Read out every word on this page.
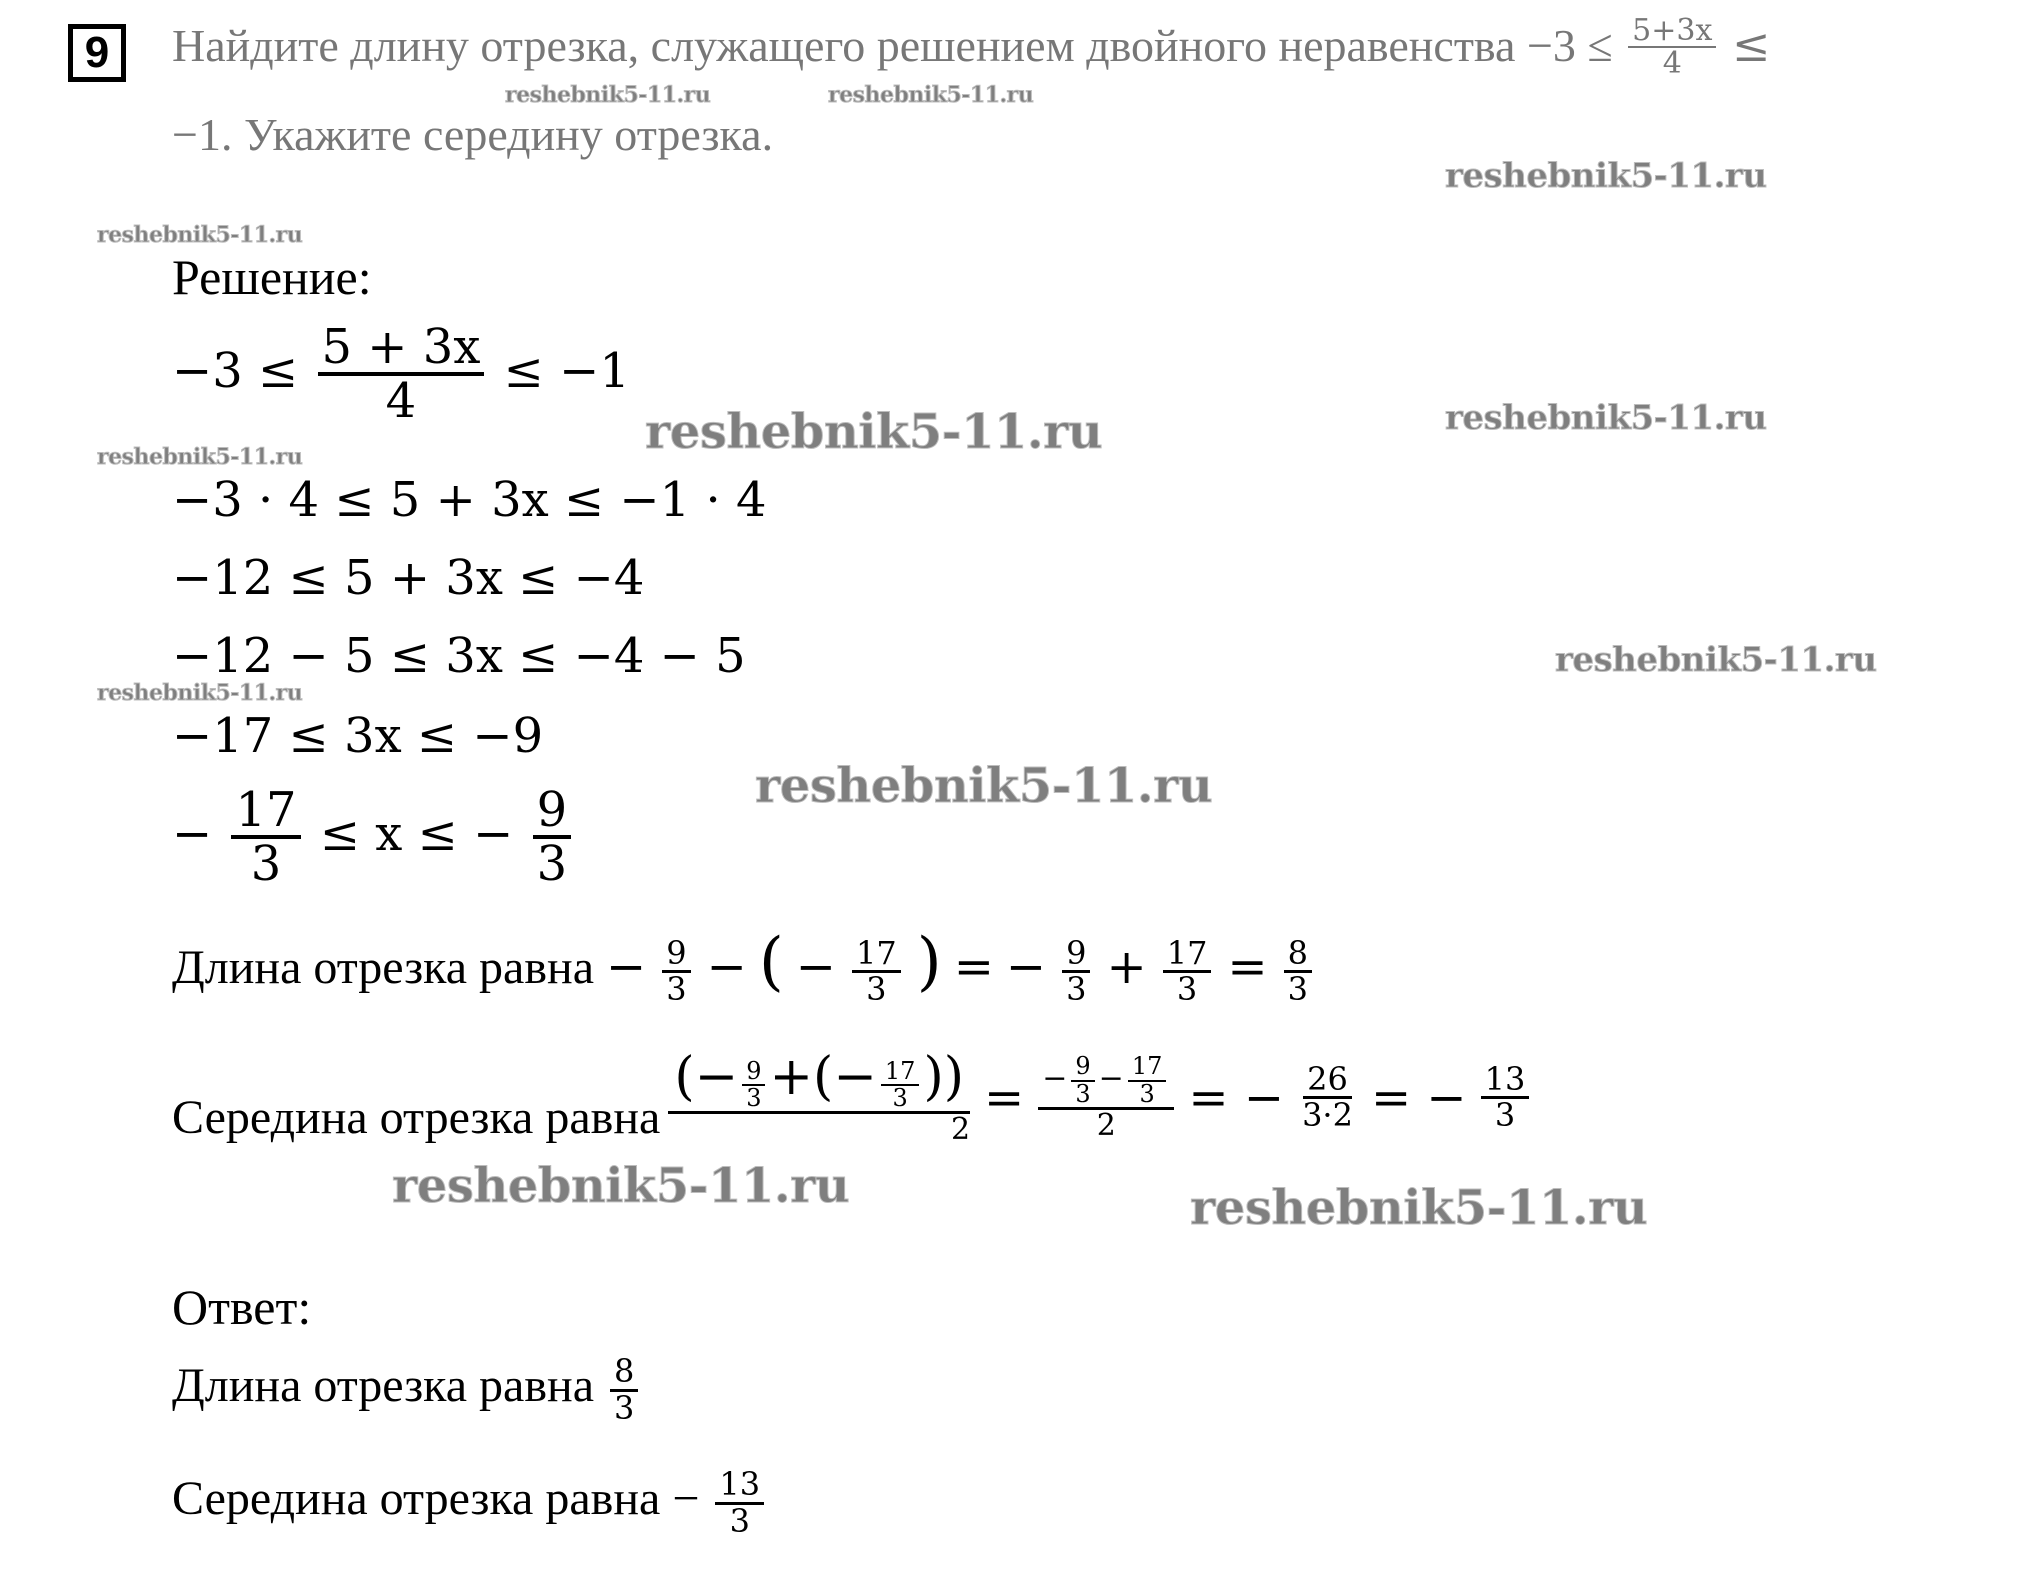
9	Найдите длину отрезка, служащего решением двойного неравенства $-3 \le \frac{5+3x}{4}$ ≤
−1. Укажите середину отрезка.
reshebnik5-11.ru	reshebnik5-11.ru
reshebnik5-11.ru
reshebnik5-11.ru
reshebnik5-11.ru	reshebnik5-11.ru
reshebnik5-11.ru
reshebnik5-11.ru
reshebnik5-11.ru
reshebnik5-11.ru
reshebnik5-11.ru	reshebnik5-11.ru
Решение:
$-3 \le \frac{5 + 3x}{4} \le -1$
−3 · 4 ≤ 5 + 3x ≤ −1 · 4
−12 ≤ 5 + 3x ≤ −4
−12 − 5 ≤ 3x ≤ −4 − 5
−17 ≤ 3x ≤ −9
− $\frac{17}{3} \le x$ ≤ − $\frac{9}{3}$
Длина отрезка равна − $\frac{9}{3}$ − ( − $\frac{17}{3}$ ) = − $\frac{9}{3} + \frac{17}{3} = \frac{8}{3}$
Середина отрезка равна $\frac{(- \frac{9}{3} +(- \frac{17}{3} ))}{2} = \frac{- \frac{9}{3} - \frac{17}{3}}{2}$ = − $\frac{26}{3\cdot 2}$ = − $\frac{13}{3}$
Ответ:
Длина отрезка равна $\frac{8}{3}$
Середина отрезка равна − $\frac{13}{3}$
